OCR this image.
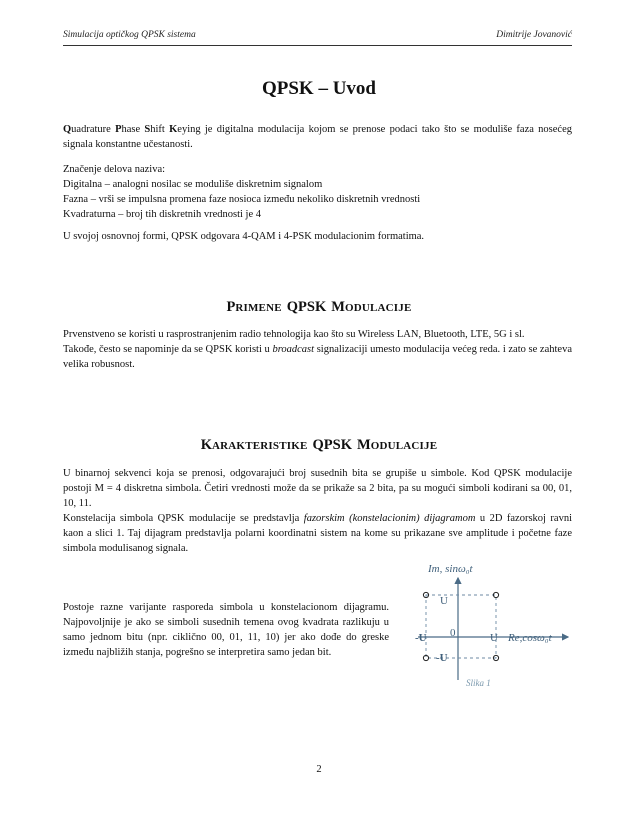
Simulacija optičkog QPSK sistema	Dimitrije Jovanović
QPSK – Uvod

Quadrature Phase Shift Keying je digitalna modulacija kojom se prenose podaci tako što se moduliše faza nosećeg signala konstantne učestanosti.

Značenje delova naziva:

Digitalna – analogni nosilac se moduliše diskretnim signalom

Fazna – vrši se impulsna promena faze nosioca između nekoliko diskretnih vrednosti

Kvadraturna – broj tih diskretnih vrednosti je 4

U svojoj osnovnoj formi, QPSK odgovara 4-QAM i 4-PSK modulacionim formatima.

PRIMENE QPSK MODULACIJE

Prvenstveno se koristi u rasprostranjenim radio tehnologija kao što su Wireless LAN, Bluetooth, LTE, 5G i sl.

Takođe, često se napominje da se QPSK koristi u broadcast signalizaciji umesto modulacija većeg reda. i zato se zahteva velika robusnost.

KARAKTERISTIKE QPSK MODULACIJE

U binarnoj sekvenci koja se prenosi, odgovarajući broj susednih bita se grupiše u simbole. Kod QPSK modulacije postoji M = 4 diskretna simbola. Četiri vrednosti može da se prikaže sa 2 bita, pa su mogući simboli kodirani sa 00, 01, 10, 11.

Konstelacija simbola QPSK modulacije se predstavlja fazorskim (konstelacionim) dijagramom u 2D fazorskoj ravni kaon a slici 1. Taj dijagram predstavlja polarni koordinatni sistem na kome su prikazane sve amplitude i početne faze simbola modulisanog signala.

Postoje razne varijante rasporeda simbola u konstelacionom dijagramu. Najpovoljnije je ako se simboli susednih temena ovog kvadrata razlikuju u samo jednom bitu (npr. ciklično 00, 01, 11, 10) jer ako dođe do greske između najbližih stanja, pogrešno se interpretira samo jedan bit.

Im, sinω₀t
U
U
-U
-U
0	Re,cosω₀t
Slika 1
2
